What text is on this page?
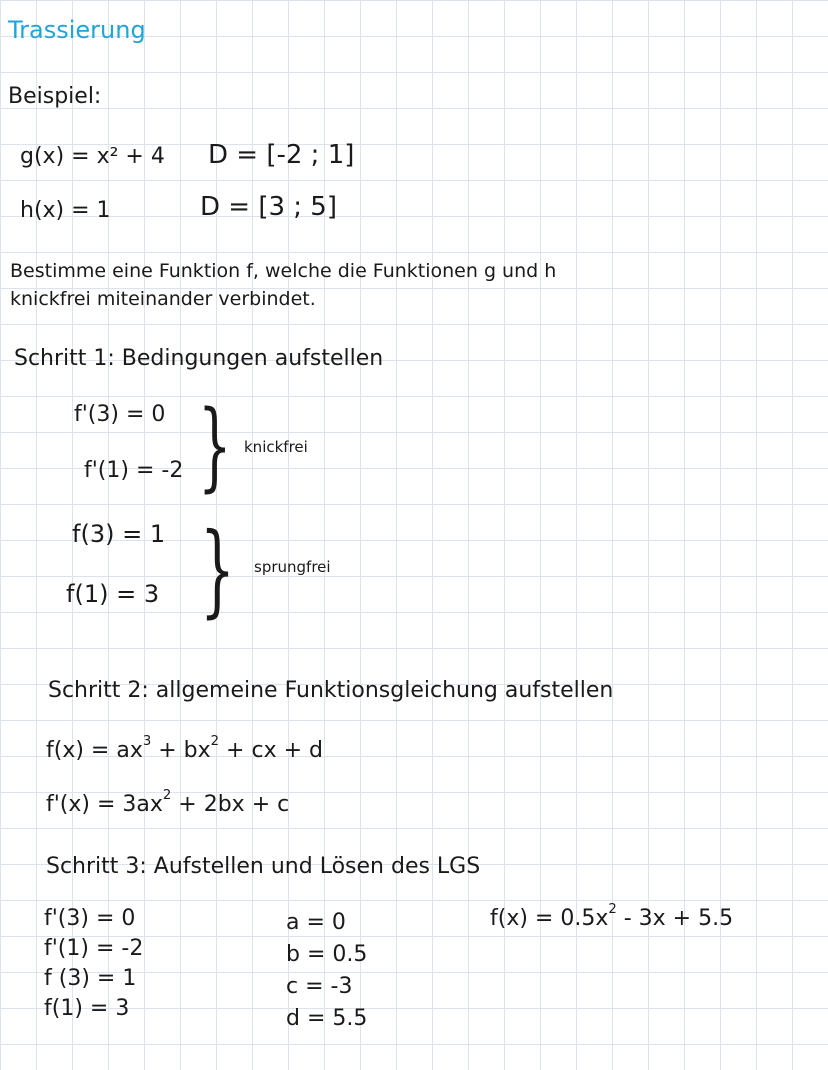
Trassierung
Beispiel:
g(x) = x² + 4 D = [-2 ; 1]
h(x) = 1	D = [3 ; 5]
Bestimme eine Funktion f, welche die Funktionen g und h
knickfrei miteinander verbindet.
Schritt 1: Bedingungen aufstellen
f'(3) = 0
f'(1) = -2 } knickfrei
f(3) = 1
f(1) = 3 } sprungfrei
Schritt 2: allgemeine Funktionsgleichung aufstellen
$f(x) = ax^3 + bx^2$ + cx + d
$f'(x) = 3ax^2 + 2bx + c$
Schritt 3: Aufstellen und Lösen des LGS
f'(3) = 0
f'(1) = -2
f (3) = 1
f(1) = 3
a = 0
b = 0.5
c = -3
d = 5.5
$f(x) = 0.5x^2 - 3x + 5.5$
